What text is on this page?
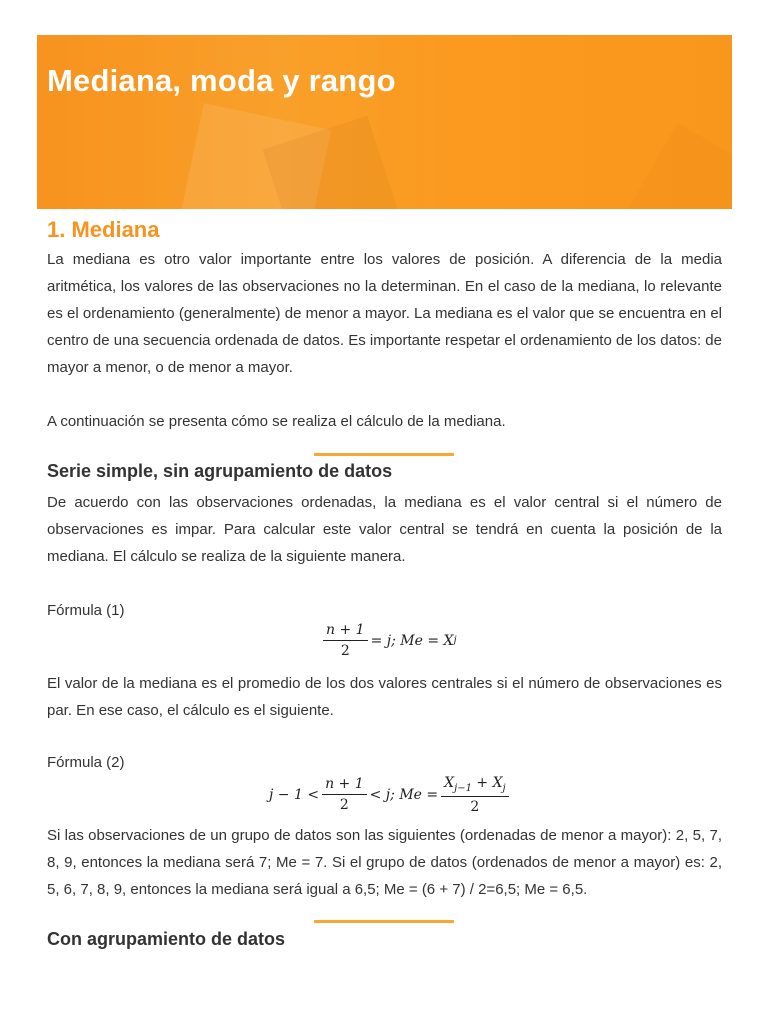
Mediana, moda y rango
1. Mediana

La mediana es otro valor importante entre los valores de posición. A diferencia de la media aritmética, los valores de las observaciones no la determinan. En el caso de la mediana, lo relevante es el ordenamiento (generalmente) de menor a mayor. La mediana es el valor que se encuentra en el centro de una secuencia ordenada de datos. Es importante respetar el ordenamiento de los datos: de mayor a menor, o de menor a mayor.

A continuación se presenta cómo se realiza el cálculo de la mediana.

Serie simple, sin agrupamiento de datos

De acuerdo con las observaciones ordenadas, la mediana es el valor central si el número de observaciones es impar. Para calcular este valor central se tendrá en cuenta la posición de la mediana. El cálculo se realiza de la siguiente manera.

Fórmula (1)

$\frac{n + 1}{2} = j$; Me = X j

El valor de la mediana es el promedio de los dos valores centrales si el número de observaciones es par. En ese caso, el cálculo es el siguiente.

Fórmula (2)

$j - 1 < \frac{n + 1}{2} < j$; $Me = \frac{X_{j-1} + X_j}{2}$

Si las observaciones de un grupo de datos son las siguientes (ordenadas de menor a mayor): 2, 5, 7, 8, 9, entonces la mediana será 7; Me = 7. Si el grupo de datos (ordenados de menor a mayor) es: 2, 5, 6, 7, 8, 9, entonces la mediana será igual a 6,5; Me = (6 + 7) / 2=6,5; Me = 6,5.

Con agrupamiento de datos
